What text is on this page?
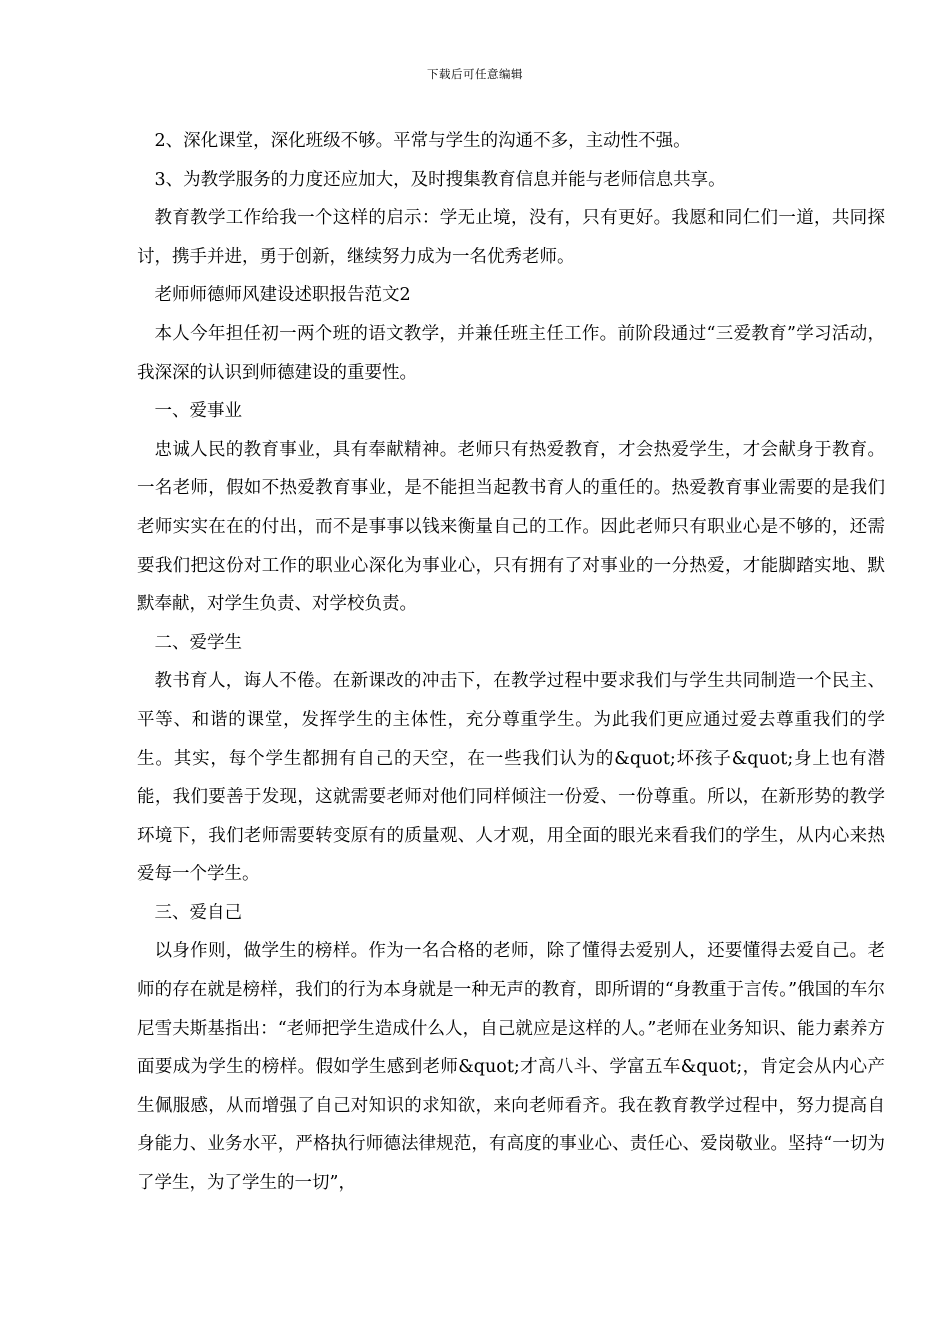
下载后可任意编辑

2、深化课堂，深化班级不够。平常与学生的沟通不多，主动性不强。

3、为教学服务的力度还应加大，及时搜集教育信息并能与老师信息共享。

教育教学工作给我一个这样的启示：学无止境，没有，只有更好。我愿和同仁们一道，共同探讨，携手并进，勇于创新，继续努力成为一名优秀老师。

老师师德师风建设述职报告范文2

本人今年担任初一两个班的语文教学，并兼任班主任工作。前阶段通过“三爱教育”学习活动，我深深的认识到师德建设的重要性。

一、爱事业

忠诚人民的教育事业，具有奉献精神。老师只有热爱教育，才会热爱学生，才会献身于教育。一名老师，假如不热爱教育事业，是不能担当起教书育人的重任的。热爱教育事业需要的是我们老师实实在在的付出，而不是事事以钱来衡量自己的工作。因此老师只有职业心是不够的，还需要我们把这份对工作的职业心深化为事业心，只有拥有了对事业的一分热爱，才能脚踏实地、默默奉献，对学生负责、对学校负责。

二、爱学生

教书育人，诲人不倦。在新课改的冲击下，在教学过程中要求我们与学生共同制造一个民主、平等、和谐的课堂，发挥学生的主体性，充分尊重学生。为此我们更应通过爱去尊重我们的学生。其实，每个学生都拥有自己的天空，在一些我们认为的&quot;坏孩子&quot;身上也有潜能，我们要善于发现，这就需要老师对他们同样倾注一份爱、一份尊重。所以，在新形势的教学环境下，我们老师需要转变原有的质量观、人才观，用全面的眼光来看我们的学生，从内心来热爱每一个学生。

三、爱自己

以身作则，做学生的榜样。作为一名合格的老师，除了懂得去爱别人，还要懂得去爱自己。老师的存在就是榜样，我们的行为本身就是一种无声的教育，即所谓的“身教重于言传。”俄国的车尔尼雪夫斯基指出：“老师把学生造成什么人，自己就应是这样的人。”老师在业务知识、能力素养方面要成为学生的榜样。假如学生感到老师&quot;才高八斗、学富五车&quot;，肯定会从内心产生佩服感，从而增强了自己对知识的求知欲，来向老师看齐。我在教育教学过程中，努力提高自身能力、业务水平，严格执行师德法律规范，有高度的事业心、责任心、爱岗敬业。坚持“一切为了学生，为了学生的一切”，
